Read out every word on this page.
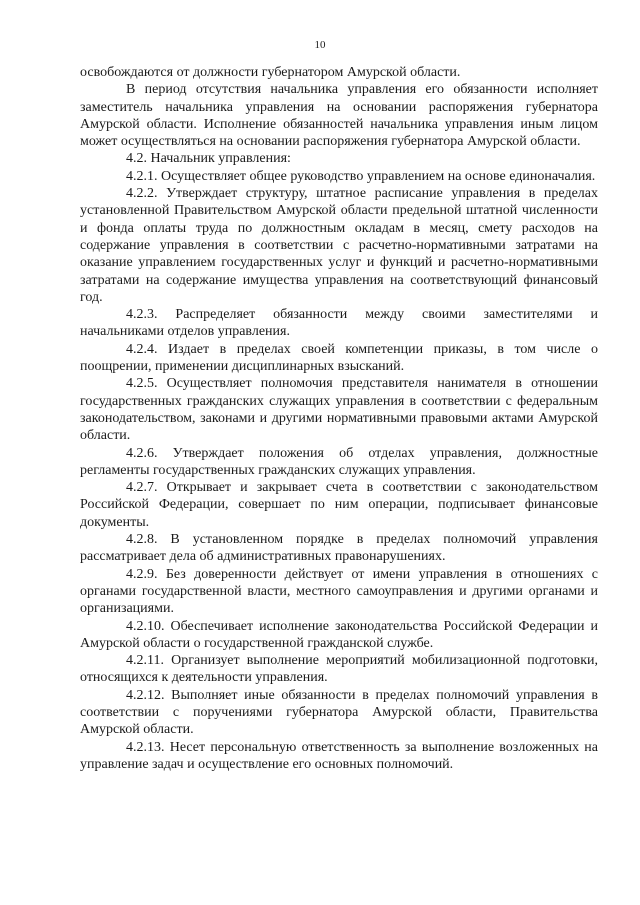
10

освобождаются от должности губернатором Амурской области.

В период отсутствия начальника управления его обязанности исполняет заместитель начальника управления на основании распоряжения губернатора Амурской области. Исполнение обязанностей начальника управления иным лицом может осуществляться на основании распоряжения губернатора Амурской области.

4.2. Начальник управления:

4.2.1. Осуществляет общее руководство управлением на основе единоначалия.

4.2.2. Утверждает структуру, штатное расписание управления в пределах установленной Правительством Амурской области предельной штатной численности и фонда оплаты труда по должностным окладам в месяц, смету расходов на содержание управления в соответствии с расчетно-нормативными затратами на оказание управлением государственных услуг и функций и расчетно-нормативными затратами на содержание имущества управления на соответствующий финансовый год.

4.2.3. Распределяет обязанности между своими заместителями и начальниками отделов управления.

4.2.4. Издает в пределах своей компетенции приказы, в том числе о поощрении, применении дисциплинарных взысканий.

4.2.5. Осуществляет полномочия представителя нанимателя в отношении государственных гражданских служащих управления в соответствии с федеральным законодательством, законами и другими нормативными правовыми актами Амурской области.

4.2.6. Утверждает положения об отделах управления, должностные регламенты государственных гражданских служащих управления.

4.2.7. Открывает и закрывает счета в соответствии с законодательством Российской Федерации, совершает по ним операции, подписывает финансовые документы.

4.2.8. В установленном порядке в пределах полномочий управления рассматривает дела об административных правонарушениях.

4.2.9. Без доверенности действует от имени управления в отношениях с органами государственной власти, местного самоуправления и другими органами и организациями.

4.2.10. Обеспечивает исполнение законодательства Российской Федерации и Амурской области о государственной гражданской службе.

4.2.11. Организует выполнение мероприятий мобилизационной подготовки, относящихся к деятельности управления.

4.2.12. Выполняет иные обязанности в пределах полномочий управления в соответствии с поручениями губернатора Амурской области, Правительства Амурской области.

4.2.13. Несет персональную ответственность за выполнение возложенных на управление задач и осуществление его основных полномочий.
